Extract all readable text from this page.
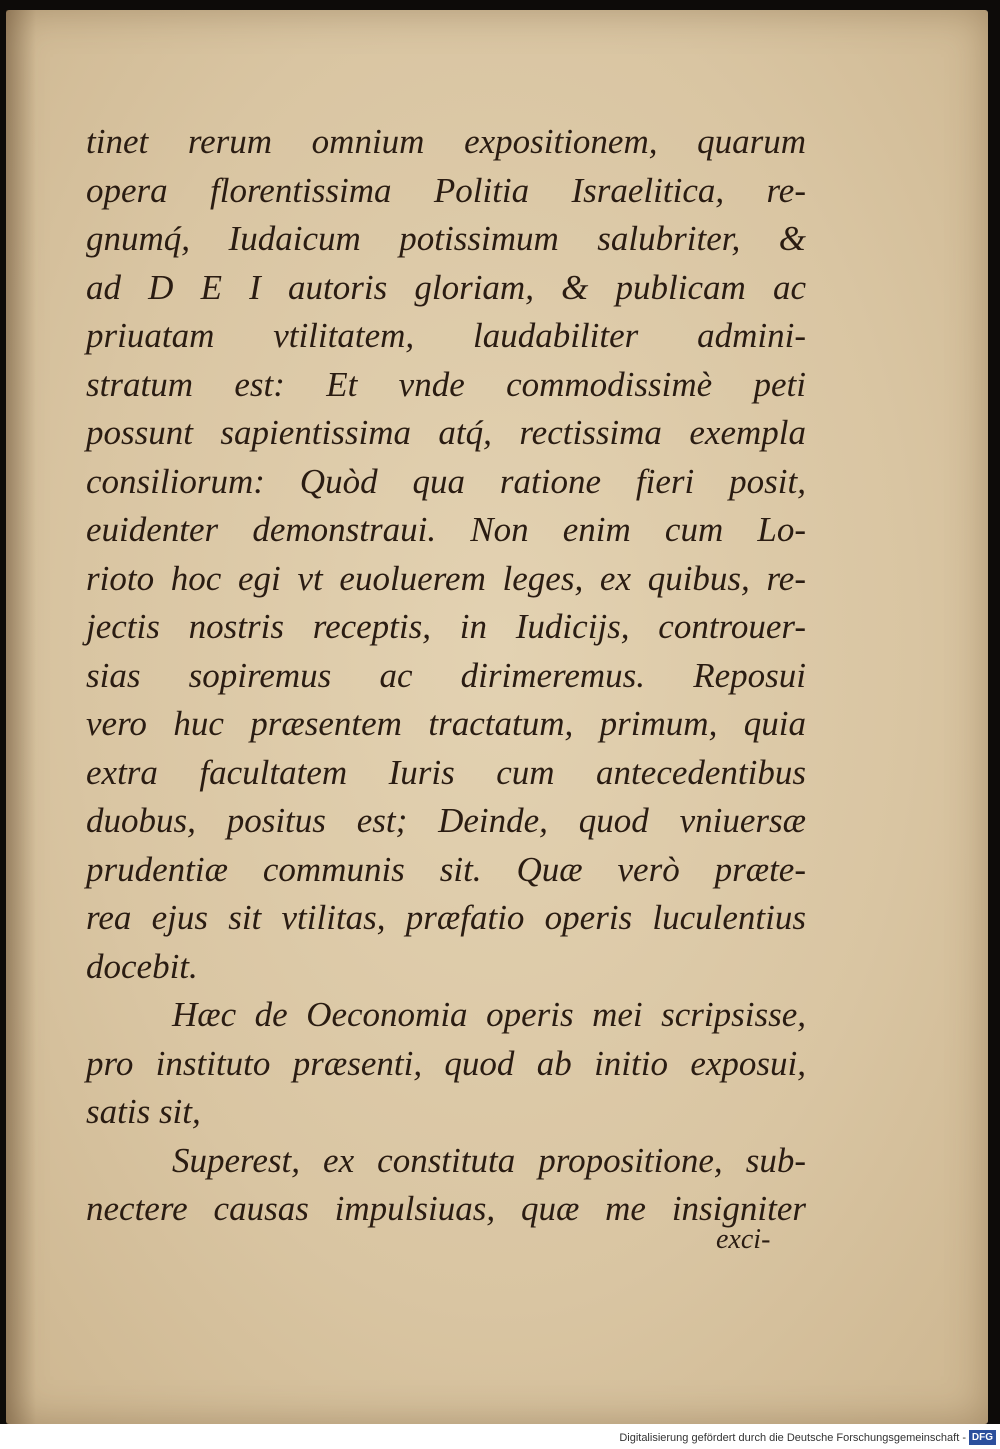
tinet rerum omnium expositionem, quarum
opera florentissima Politia Israelitica, re-
gnumq́, Iudaicum potissimum salubriter, &
ad D E I autoris gloriam, & publicam ac
priuatam vtilitatem, laudabiliter admini-
stratum est: Et vnde commodissimè peti
possunt sapientissima atq́, rectissima exempla
consiliorum: Quòd qua ratione fieri posit,
euidenter demonstraui. Non enim cum Lo-
rioto hoc egi vt euoluerem leges, ex quibus, re-
jectis nostris receptis, in Iudicijs, controuer-
sias sopiremus ac dirimeremus. Reposui
vero huc præsentem tractatum, primum, quia
extra facultatem Iuris cum antecedentibus
duobus, positus est; Deinde, quod vniuersæ
prudentiæ communis sit. Quæ verò præte-
rea ejus sit vtilitas, præfatio operis luculentius
docebit.
Hæc de Oeconomia operis mei scripsisse,
pro instituto præsenti, quod ab initio exposui,
satis sit,
Superest, ex constituta propositione, sub-
nectere causas impulsiuas, quæ me insigniter
exci-
Digitalisierung gefördert durch die Deutsche Forschungsgemeinschaft - DFG
